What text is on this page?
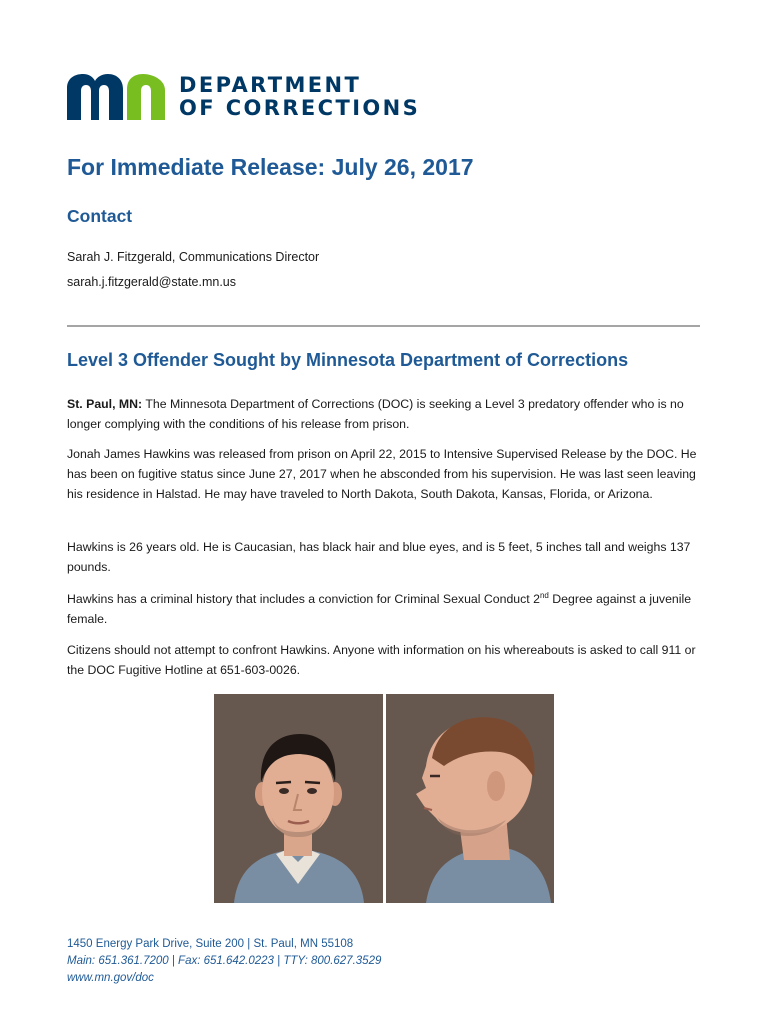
DEPARTMENT
OF CORRECTIONS
For Immediate Release: July 26, 2017
Contact
Sarah J. Fitzgerald, Communications Director
sarah.j.fitzgerald@state.mn.us
Level 3 Offender Sought by Minnesota Department of Corrections

St. Paul, MN: The Minnesota Department of Corrections (DOC) is seeking a Level 3 predatory offender who is no longer complying with the conditions of his release from prison.

Jonah James Hawkins was released from prison on April 22, 2015 to Intensive Supervised Release by the DOC. He has been on fugitive status since June 27, 2017 when he absconded from his supervision. He was last seen leaving his residence in Halstad. He may have traveled to North Dakota, South Dakota, Kansas, Florida, or Arizona.

Hawkins is 26 years old. He is Caucasian, has black hair and blue eyes, and is 5 feet, 5 inches tall and weighs 137 pounds.

Hawkins has a criminal history that includes a conviction for Criminal Sexual Conduct 2nd Degree against a juvenile female.

Citizens should not attempt to confront Hawkins. Anyone with information on his whereabouts is asked to call 911 or the DOC Fugitive Hotline at 651-603-0026.

1450 Energy Park Drive, Suite 200 | St. Paul, MN 55108
Main: 651.361.7200 | Fax: 651.642.0223 | TTY: 800.627.3529
www.mn.gov/doc
